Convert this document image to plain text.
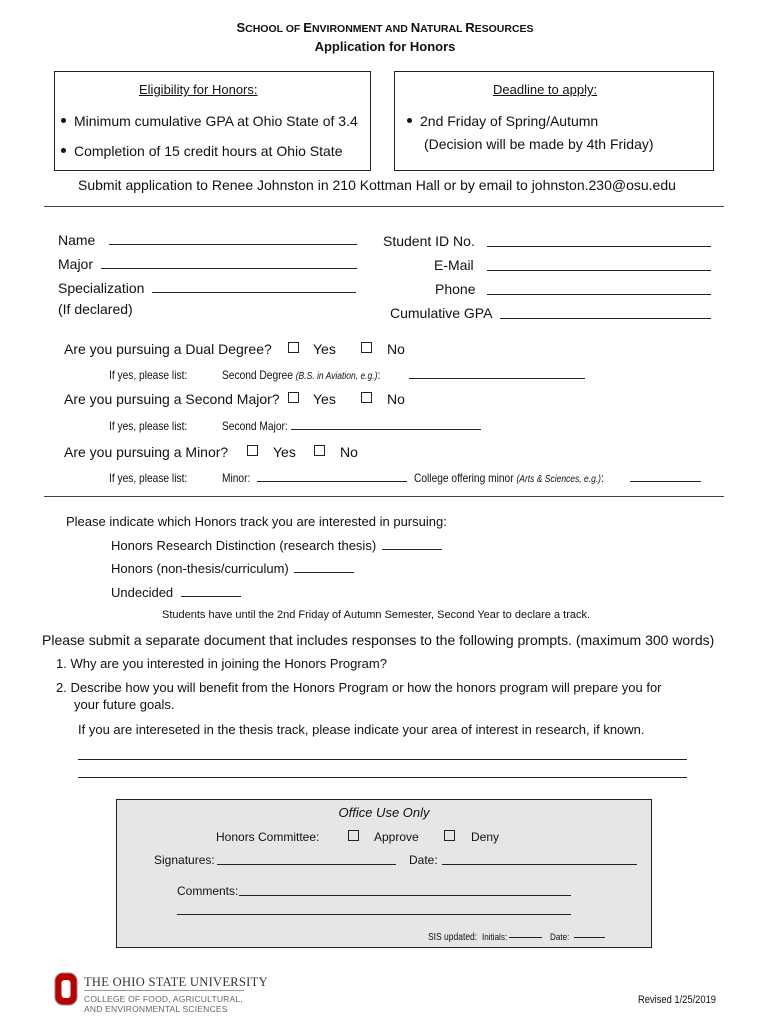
SCHOOL OF ENVIRONMENT AND NATURAL RESOURCES
Application for Honors
Eligibility for Honors:
Minimum cumulative GPA at Ohio State of 3.4
Completion of 15 credit hours at Ohio State
Deadline to apply:
2nd Friday of Spring/Autumn
(Decision will be made by 4th Friday)
Submit application to Renee Johnston in 210 Kottman Hall or by email to johnston.230@osu.edu
Name
Major
Specialization
(If declared)
Student ID No.
E-Mail
Phone
Cumulative GPA
Are you pursuing a Dual Degree?	Yes	No
If yes, please list:	Second Degree (B.S. in Aviation, e.g.):
Are you pursuing a Second Major? Yes	No
If yes, please list:	Second Major:
Are you pursuing a Minor?	Yes	No
If yes, please list:	Minor:	College offering minor (Arts & Sciences, e.g.):
Please indicate which Honors track you are interested in pursuing:
Honors Research Distinction (research thesis)
Honors (non-thesis/curriculum)
Undecided
Students have until the 2nd Friday of Autumn Semester, Second Year to declare a track.
Please submit a separate document that includes responses to the following prompts. (maximum 300 words)
1. Why are you interested in joining the Honors Program?
2. Describe how you will benefit from the Honors Program or how the honors program will prepare you for
your future goals.
If you are intereseted in the thesis track, please indicate your area of interest in research, if known.
Office Use Only
Honors Committee:	Approve	Deny
Signatures:	Date:
Comments:
SIS updated: Initials:	Date:
THE OHIO STATE UNIVERSITY
COLLEGE OF FOOD, AGRICULTURAL,
AND ENVIRONMENTAL SCIENCES
Revised 1/25/2019
